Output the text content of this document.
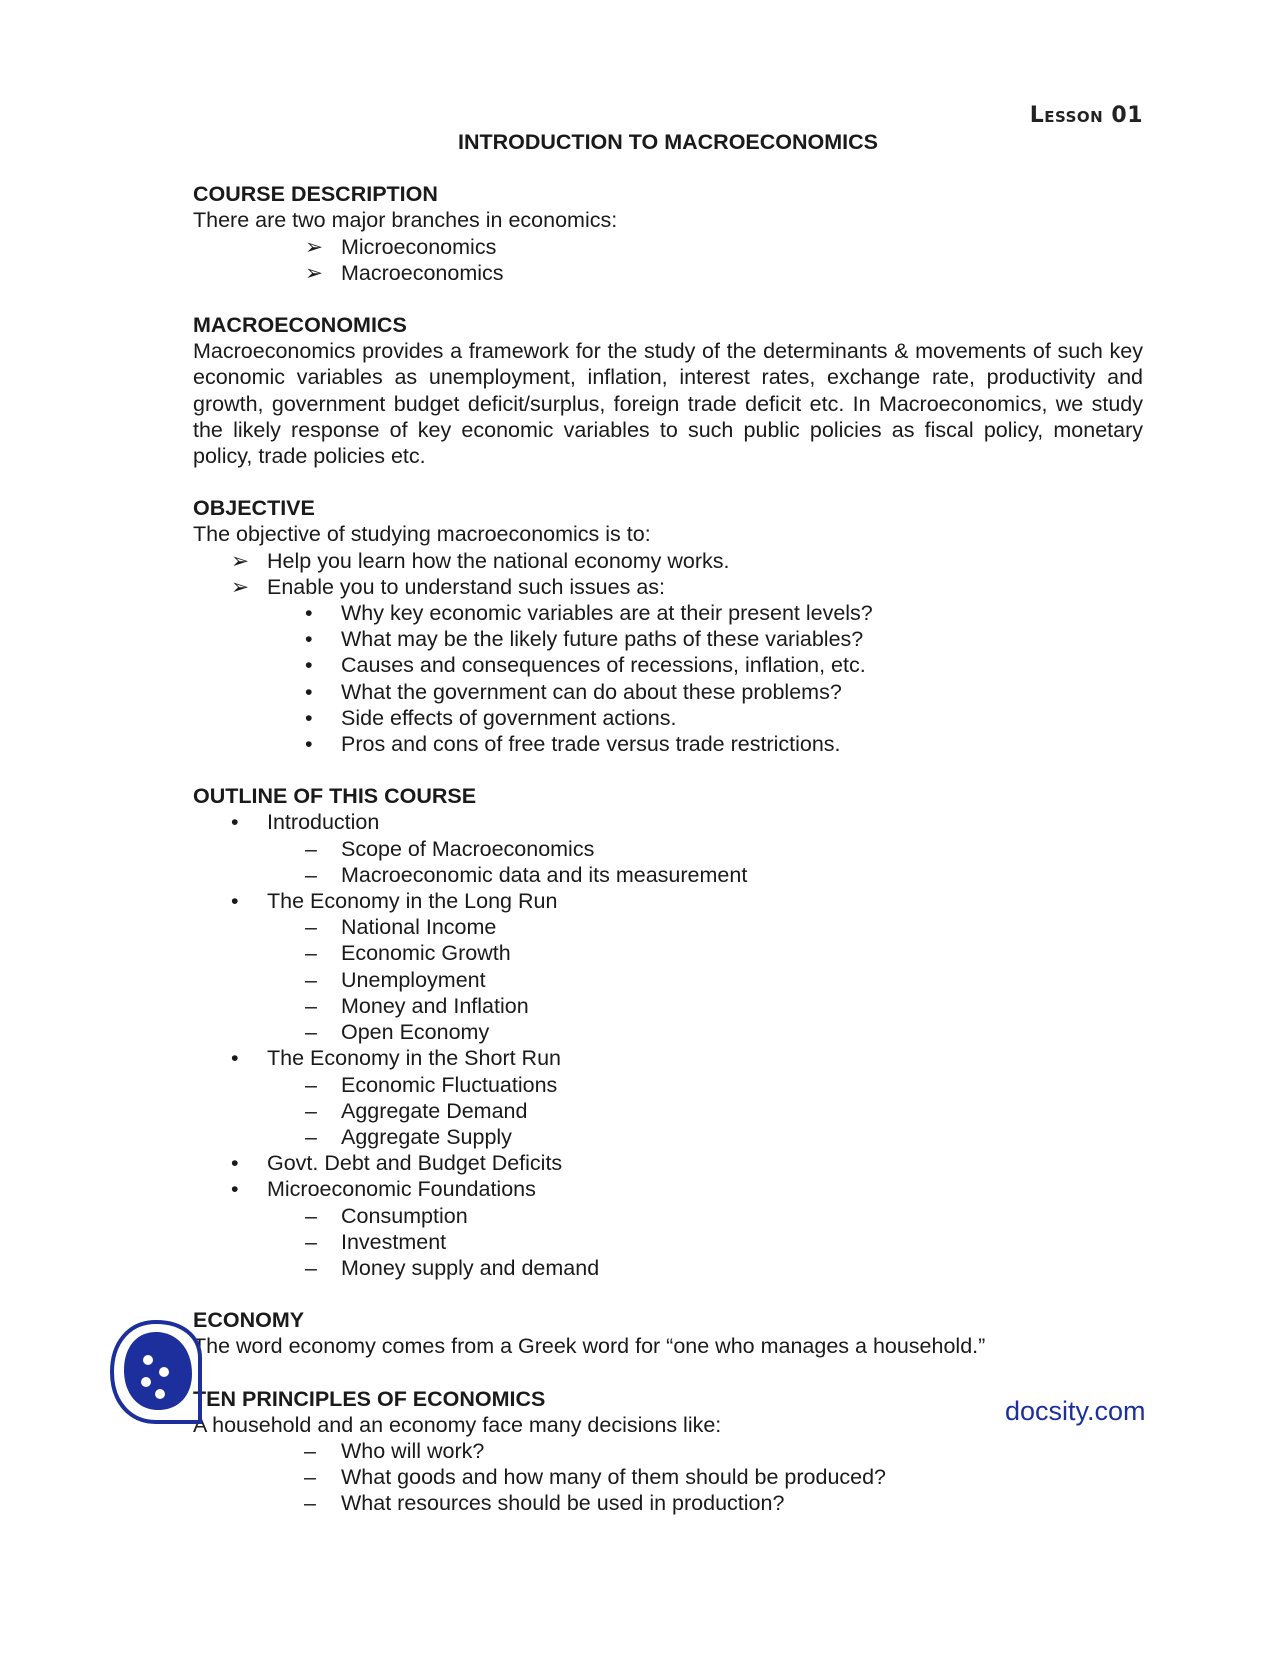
Lesson 01
INTRODUCTION TO MACROECONOMICS
COURSE DESCRIPTION

There are two major branches in economics:

➢ Microeconomics
➢ Macroeconomics
MACROECONOMICS

Macroeconomics provides a framework for the study of the determinants & movements of such key economic variables as unemployment, inflation, interest rates, exchange rate, productivity and growth, government budget deficit/surplus, foreign trade deficit etc. In Macroeconomics, we study the likely response of key economic variables to such public policies as fiscal policy, monetary policy, trade policies etc.

OBJECTIVE

The objective of studying macroeconomics is to:

➢ Help you learn how the national economy works.
➢ Enable you to understand such issues as:
• Why key economic variables are at their present levels?
• What may be the likely future paths of these variables?
• Causes and consequences of recessions, inflation, etc.
• What the government can do about these problems?
• Side effects of government actions.
• Pros and cons of free trade versus trade restrictions.
OUTLINE OF THIS COURSE
• Introduction
– Scope of Macroeconomics
– Macroeconomic data and its measurement
• The Economy in the Long Run
– National Income
– Economic Growth
– Unemployment
– Money and Inflation
– Open Economy
• The Economy in the Short Run
– Economic Fluctuations
– Aggregate Demand
– Aggregate Supply
• Govt. Debt and Budget Deficits
• Microeconomic Foundations
– Consumption
– Investment
– Money supply and demand
ECONOMY

The word economy comes from a Greek word for “one who manages a household.”

TEN PRINCIPLES OF ECONOMICS

A household and an economy face many decisions like:

– Who will work?
– What goods and how many of them should be produced?
– What resources should be used in production?
docsity.com
